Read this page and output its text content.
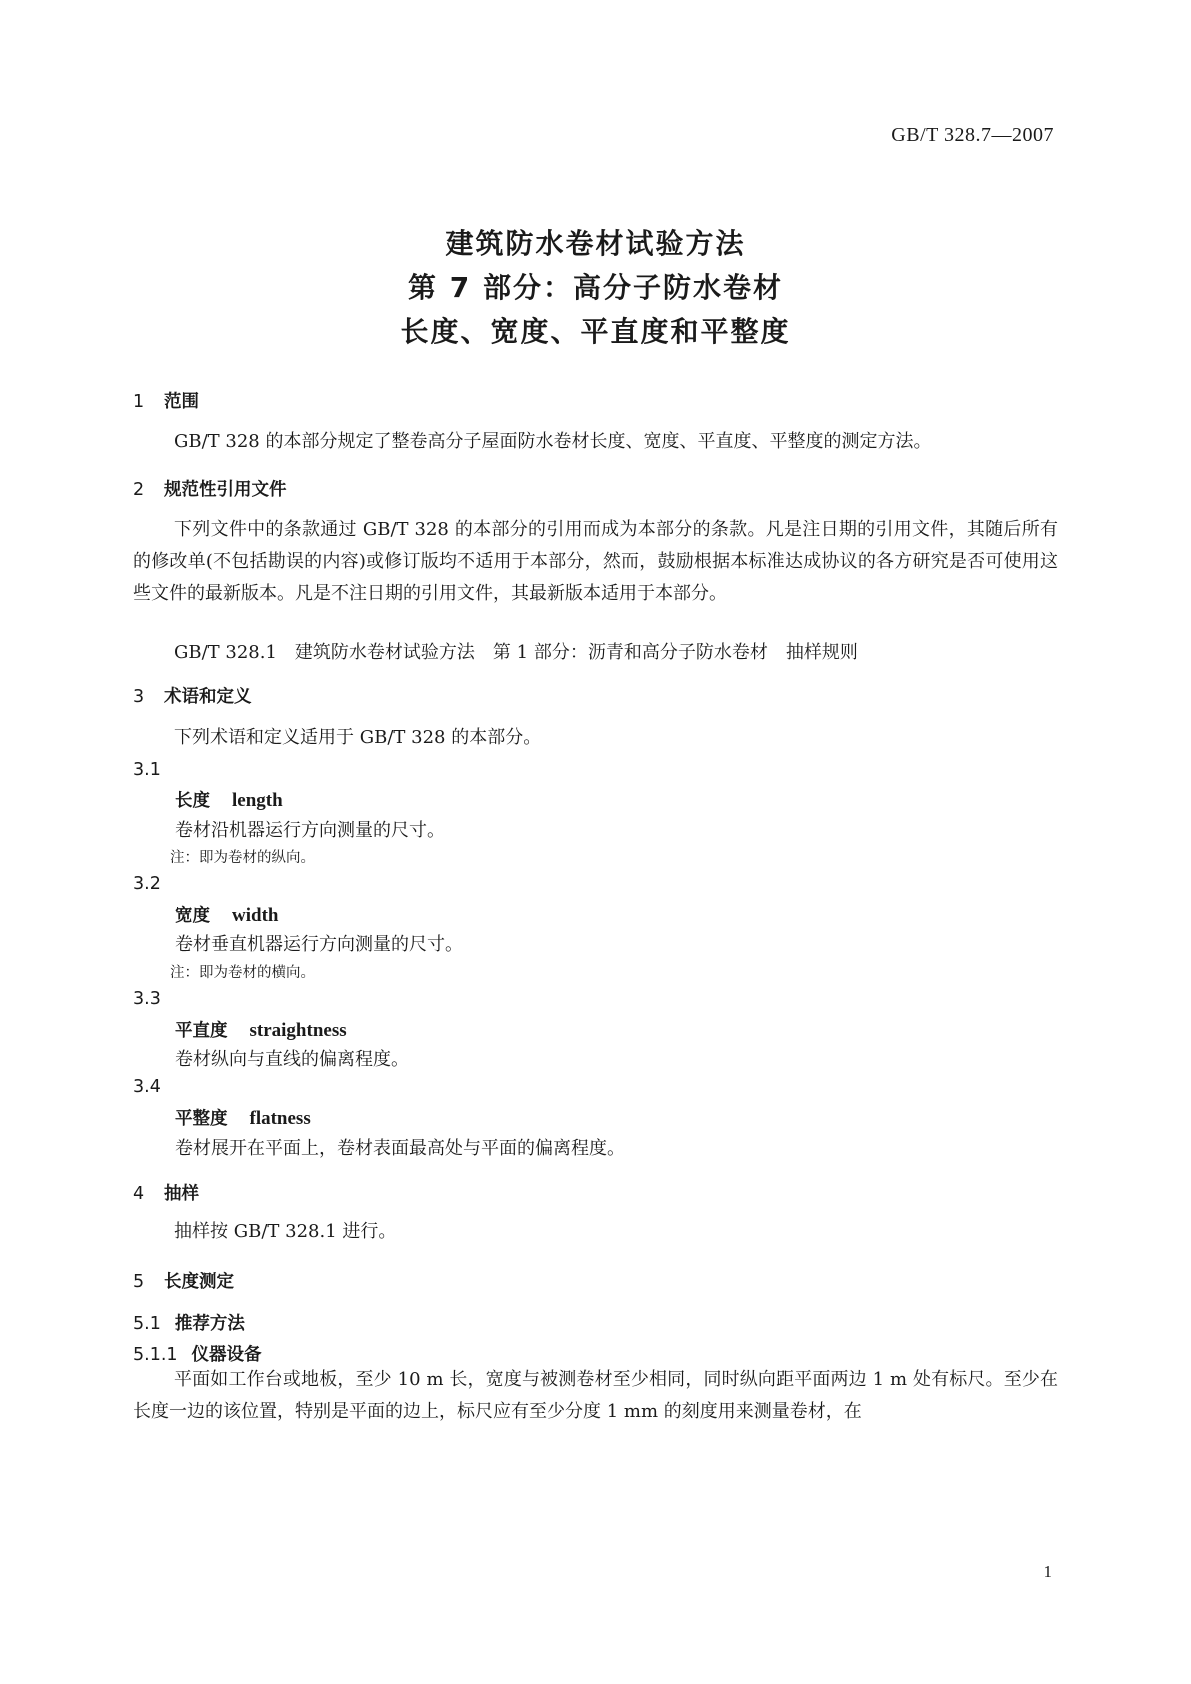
GB/T 328.7—2007
建筑防水卷材试验方法
第 7 部分：高分子防水卷材
长度、宽度、平直度和平整度
1 范围
GB/T 328 的本部分规定了整卷高分子屋面防水卷材长度、宽度、平直度、平整度的测定方法。
2 规范性引用文件
下列文件中的条款通过 GB/T 328 的本部分的引用而成为本部分的条款。凡是注日期的引用文件，其随后所有的修改单(不包括勘误的内容)或修订版均不适用于本部分，然而，鼓励根据本标准达成协议的各方研究是否可使用这些文件的最新版本。凡是不注日期的引用文件，其最新版本适用于本部分。
GB/T 328.1　建筑防水卷材试验方法　第 1 部分：沥青和高分子防水卷材　抽样规则
3 术语和定义
下列术语和定义适用于 GB/T 328 的本部分。
3.1
长度 length
卷材沿机器运行方向测量的尺寸。
注：即为卷材的纵向。
3.2
宽度 width
卷材垂直机器运行方向测量的尺寸。
注：即为卷材的横向。
3.3
平直度 straightness
卷材纵向与直线的偏离程度。
3.4
平整度 flatness
卷材展开在平面上，卷材表面最高处与平面的偏离程度。
4 抽样
抽样按 GB/T 328.1 进行。
5 长度测定
5.1 推荐方法
5.1.1 仪器设备
平面如工作台或地板，至少 10 m 长，宽度与被测卷材至少相同，同时纵向距平面两边 1 m 处有标尺。至少在长度一边的该位置，特别是平面的边上，标尺应有至少分度 1 mm 的刻度用来测量卷材，在
1
